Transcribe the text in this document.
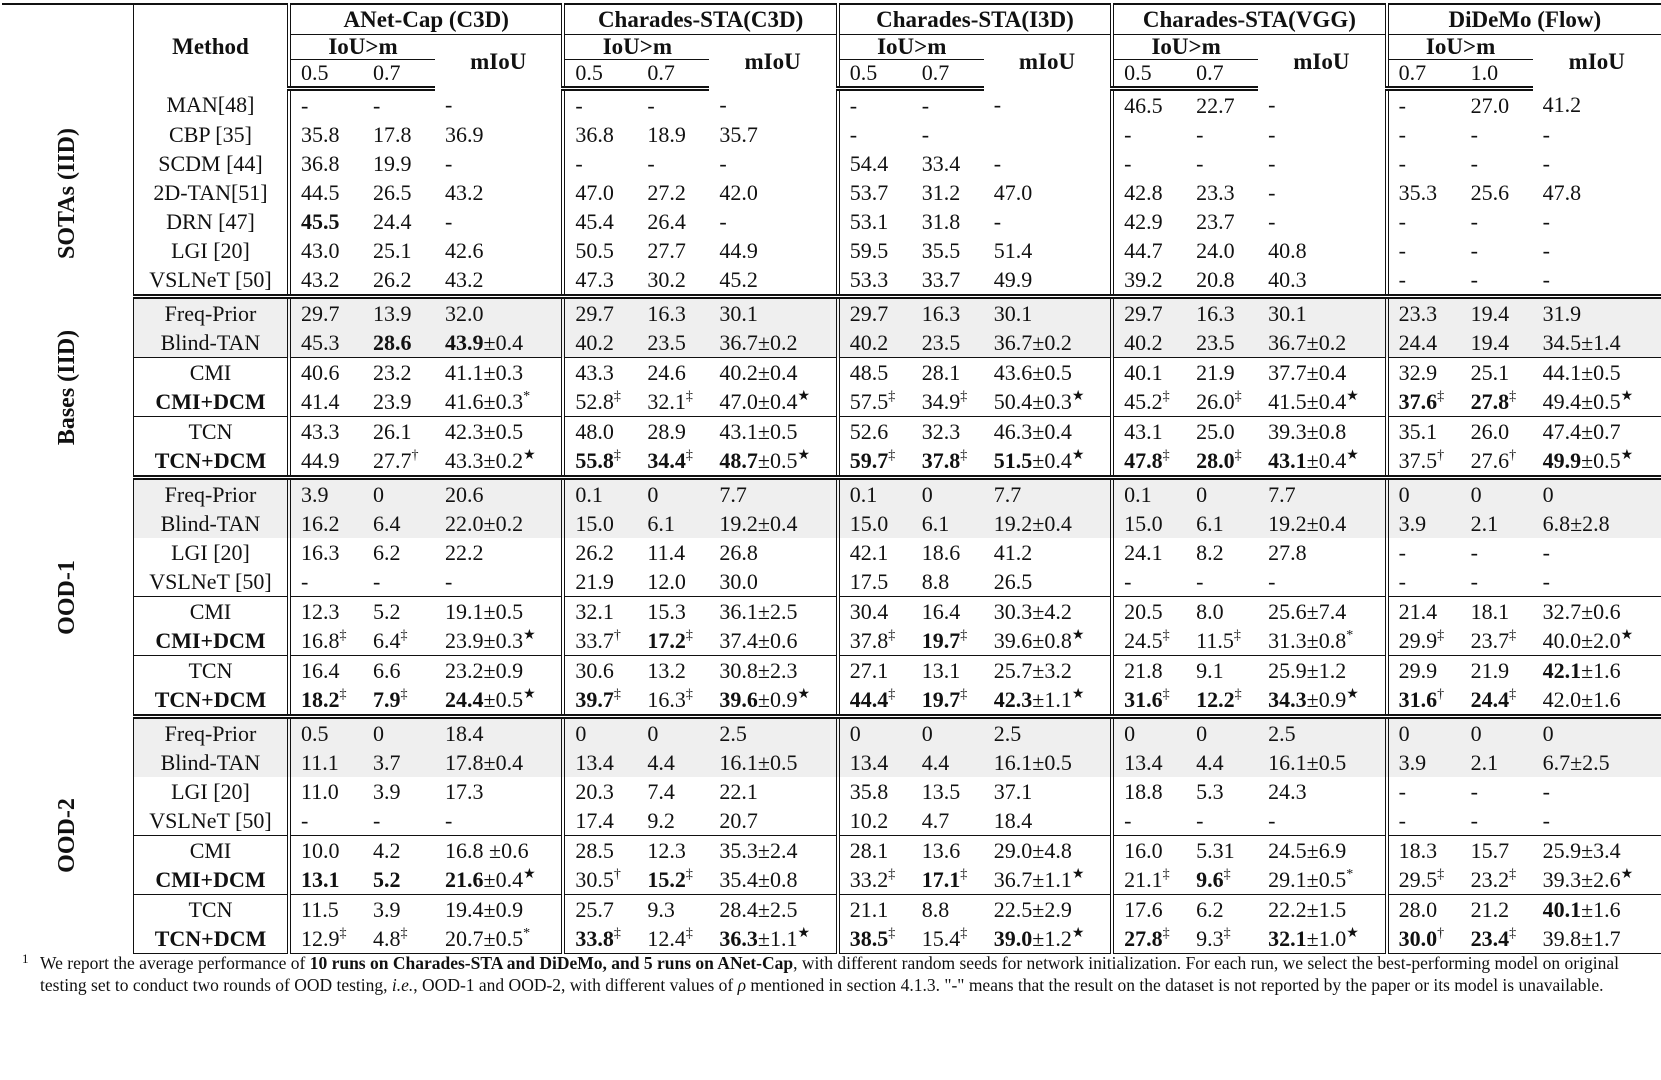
	Method	ANet-Cap (C3D)			Charades-STA(C3D)			Charades-STA(I3D)			Charades-STA(VGG)			DiDeMo (Flow)		
		IoU>m		mIoU	IoU>m		mIoU	IoU>m		mIoU	IoU>m		mIoU	IoU>m		mIoU
		0.5	0.7		0.5	0.7		0.5	0.7		0.5	0.7		0.7	1.0	
SOTAs (IID)	MAN[48]	-	-	-	-	-	-	-	-	-	46.5	22.7	-	-	27.0	41.2
	CBP [35]	35.8	17.8	36.9	36.8	18.9	35.7	-	-		-	-	-	-	-	-
	SCDM [44]	36.8	19.9	-	-	-	-	54.4	33.4	-	-	-	-	-	-	-
	2D-TAN[51]	44.5	26.5	43.2	47.0	27.2	42.0	53.7	31.2	47.0	42.8	23.3	-	35.3	25.6	47.8
	DRN [47]	45.5	24.4	-	45.4	26.4	-	53.1	31.8	-	42.9	23.7	-	-	-	-
	LGI [20]	43.0	25.1	42.6	50.5	27.7	44.9	59.5	35.5	51.4	44.7	24.0	40.8	-	-	-
	VSLNeT [50]	43.2	26.2	43.2	47.3	30.2	45.2	53.3	33.7	49.9	39.2	20.8	40.3	-	-	-
Bases (IID)	Freq-Prior	29.7	13.9	32.0	29.7	16.3	30.1	29.7	16.3	30.1	29.7	16.3	30.1	23.3	19.4	31.9
	Blind-TAN	45.3	28.6	43.9±0.4	40.2	23.5	36.7±0.2	40.2	23.5	36.7±0.2	40.2	23.5	36.7±0.2	24.4	19.4	34.5±1.4
	CMI	40.6	23.2	41.1±0.3	43.3	24.6	40.2±0.4	48.5	28.1	43.6±0.5	40.1	21.9	37.7±0.4	32.9	25.1	44.1±0.5
	CMI+DCM	41.4	23.9	41.6±0.3*	52.8‡	32.1‡	47.0±0.4★	57.5‡	34.9‡	50.4±0.3★	45.2‡	26.0‡	41.5±0.4★	37.6‡	27.8‡	49.4±0.5★
	TCN	43.3	26.1	42.3±0.5	48.0	28.9	43.1±0.5	52.6	32.3	46.3±0.4	43.1	25.0	39.3±0.8	35.1	26.0	47.4±0.7
	TCN+DCM	44.9	27.7†	43.3±0.2★	55.8‡	34.4‡	48.7±0.5★	59.7‡	37.8‡	51.5±0.4★	47.8‡	28.0‡	43.1±0.4★	37.5†	27.6†	49.9±0.5★
OOD-1	Freq-Prior	3.9	0	20.6	0.1	0	7.7	0.1	0	7.7	0.1	0	7.7	0	0	0
	Blind-TAN	16.2	6.4	22.0±0.2	15.0	6.1	19.2±0.4	15.0	6.1	19.2±0.4	15.0	6.1	19.2±0.4	3.9	2.1	6.8±2.8
	LGI [20]	16.3	6.2	22.2	26.2	11.4	26.8	42.1	18.6	41.2	24.1	8.2	27.8	-	-	-
	VSLNeT [50]	-	-	-	21.9	12.0	30.0	17.5	8.8	26.5	-	-	-	-	-	-
	CMI	12.3	5.2	19.1±0.5	32.1	15.3	36.1±2.5	30.4	16.4	30.3±4.2	20.5	8.0	25.6±7.4	21.4	18.1	32.7±0.6
	CMI+DCM	16.8‡	6.4‡	23.9±0.3★	33.7†	17.2‡	37.4±0.6	37.8‡	19.7‡	39.6±0.8★	24.5‡	11.5‡	31.3±0.8*	29.9‡	23.7‡	40.0±2.0★
	TCN	16.4	6.6	23.2±0.9	30.6	13.2	30.8±2.3	27.1	13.1	25.7±3.2	21.8	9.1	25.9±1.2	29.9	21.9	42.1±1.6
	TCN+DCM	18.2‡	7.9‡	24.4±0.5★	39.7‡	16.3‡	39.6±0.9★	44.4‡	19.7‡	42.3±1.1★	31.6‡	12.2‡	34.3±0.9★	31.6†	24.4‡	42.0±1.6
OOD-2	Freq-Prior	0.5	0	18.4	0	0	2.5	0	0	2.5	0	0	2.5	0	0	0
	Blind-TAN	11.1	3.7	17.8±0.4	13.4	4.4	16.1±0.5	13.4	4.4	16.1±0.5	13.4	4.4	16.1±0.5	3.9	2.1	6.7±2.5
	LGI [20]	11.0	3.9	17.3	20.3	7.4	22.1	35.8	13.5	37.1	18.8	5.3	24.3	-	-	-
	VSLNeT [50]	-	-	-	17.4	9.2	20.7	10.2	4.7	18.4	-	-	-	-	-	-
	CMI	10.0	4.2	16.8 ±0.6	28.5	12.3	35.3±2.4	28.1	13.6	29.0±4.8	16.0	5.31	24.5±6.9	18.3	15.7	25.9±3.4
	CMI+DCM	13.1	5.2	21.6±0.4★	30.5†	15.2‡	35.4±0.8	33.2‡	17.1‡	36.7±1.1★	21.1‡	9.6‡	29.1±0.5*	29.5‡	23.2‡	39.3±2.6★
	TCN	11.5	3.9	19.4±0.9	25.7	9.3	28.4±2.5	21.1	8.8	22.5±2.9	17.6	6.2	22.2±1.5	28.0	21.2	40.1±1.6
	TCN+DCM	12.9‡	4.8‡	20.7±0.5*	33.8‡	12.4‡	36.3±1.1★	38.5‡	15.4‡	39.0±1.2★	27.8‡	9.3‡	32.1±1.0★	30.0†	23.4‡	39.8±1.7
1 We report the average performance of 10 runs on Charades-STA and DiDeMo, and 5 runs on ANet-Cap, with different random seeds for network initialization. For each run, we select the best-performing model on original testing set to conduct two rounds of OOD testing, i.e., OOD-1 and OOD-2, with different values of ρ mentioned in section 4.1.3. "-" means that the result on the dataset is not reported by the paper or its model is unavailable.
